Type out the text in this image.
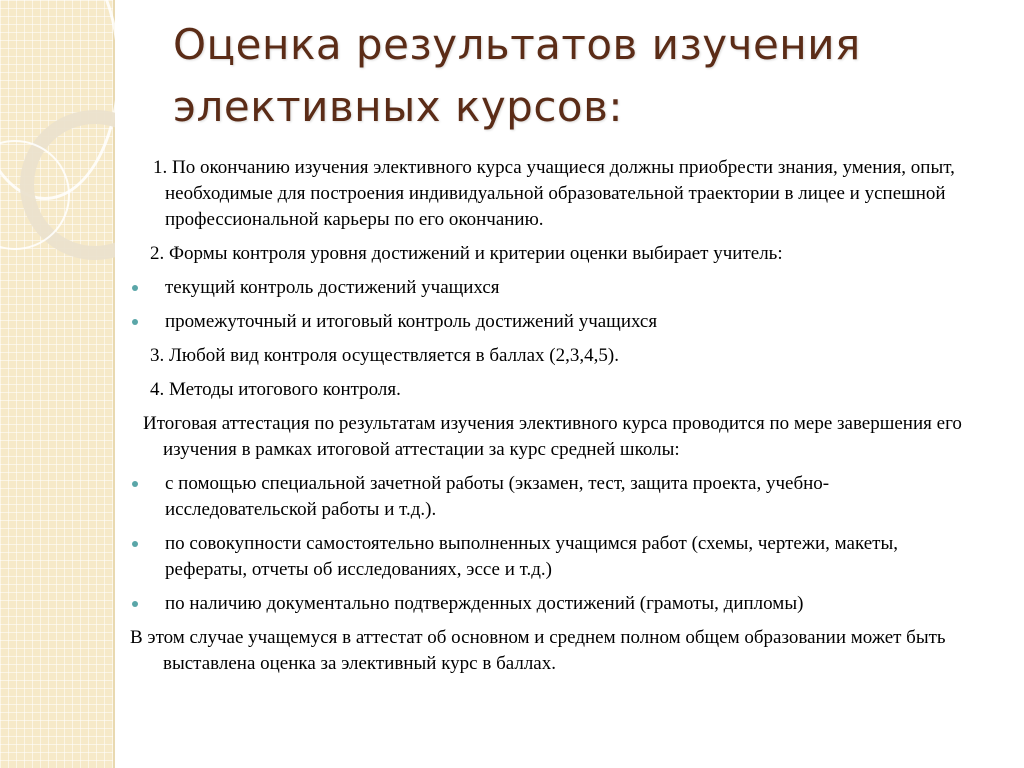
Оценка результатов изучения элективных курсов:

1. По окончанию изучения элективного курса учащиеся должны приобрести знания, умения, опыт, необходимые для построения индивидуальной образовательной траектории в лицее и успешной профессиональной карьеры по его окончанию.

2. Формы контроля уровня достижений и критерии оценки выбирает учитель:

текущий контроль достижений учащихся

промежуточный и итоговый контроль достижений учащихся

3. Любой вид контроля осуществляется в баллах (2,3,4,5).

4. Методы итогового контроля.

Итоговая аттестация по результатам изучения элективного курса проводится по мере завершения его изучения в рамках итоговой аттестации за курс средней школы:

с помощью специальной зачетной работы (экзамен, тест, защита проекта, учебно-исследовательской работы и т.д.).

по совокупности самостоятельно выполненных учащимся работ (схемы, чертежи, макеты, рефераты, отчеты об исследованиях, эссе и т.д.)

по наличию документально подтвержденных достижений (грамоты, дипломы)

В этом случае учащемуся в аттестат об основном и среднем полном общем образовании может быть выставлена оценка за элективный курс в баллах.
